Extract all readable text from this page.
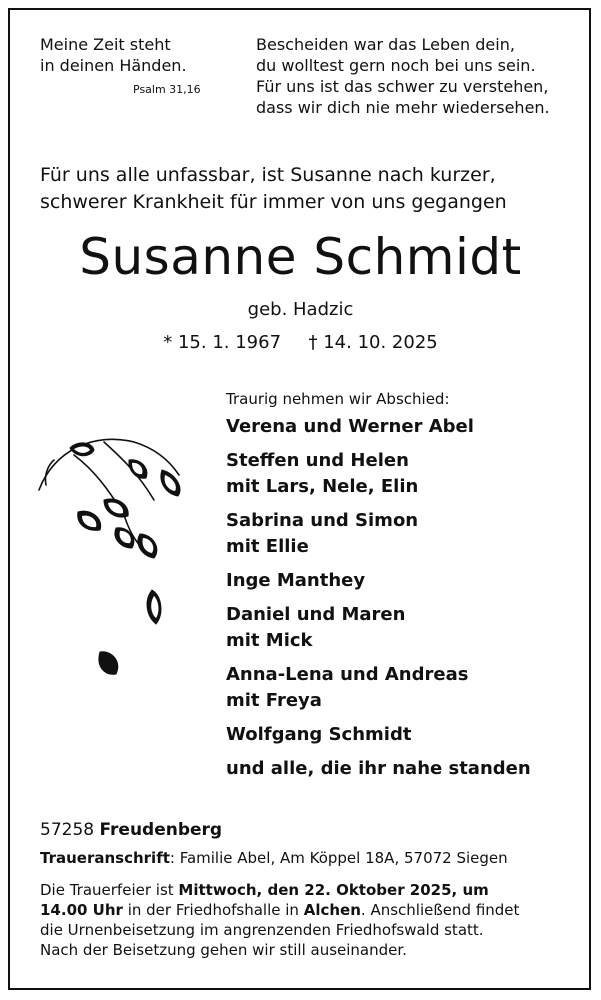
Meine Zeit steht
in deinen Händen.
Psalm 31,16
Bescheiden war das Leben dein,
du wolltest gern noch bei uns sein.
Für uns ist das schwer zu verstehen,
dass wir dich nie mehr wiedersehen.
Für uns alle unfassbar, ist Susanne nach kurzer,
schwerer Krankheit für immer von uns gegangen
Susanne Schmidt
geb. Hadzic
* 15. 1. 1967 † 14. 10. 2025
Traurig nehmen wir Abschied:
Verena und Werner Abel
Steffen und Helen
mit Lars, Nele, Elin
Sabrina und Simon
mit Ellie
Inge Manthey
Daniel und Maren
mit Mick
Anna-Lena und Andreas
mit Freya
Wolfgang Schmidt
und alle, die ihr nahe standen
57258 Freudenberg
Traueranschrift: Familie Abel, Am Köppel 18A, 57072 Siegen
Die Trauerfeier ist Mittwoch, den 22. Oktober 2025, um
14.00 Uhr in der Friedhofshalle in Alchen. Anschließend findet
die Urnenbeisetzung im angrenzenden Friedhofswald statt.
Nach der Beisetzung gehen wir still auseinander.
